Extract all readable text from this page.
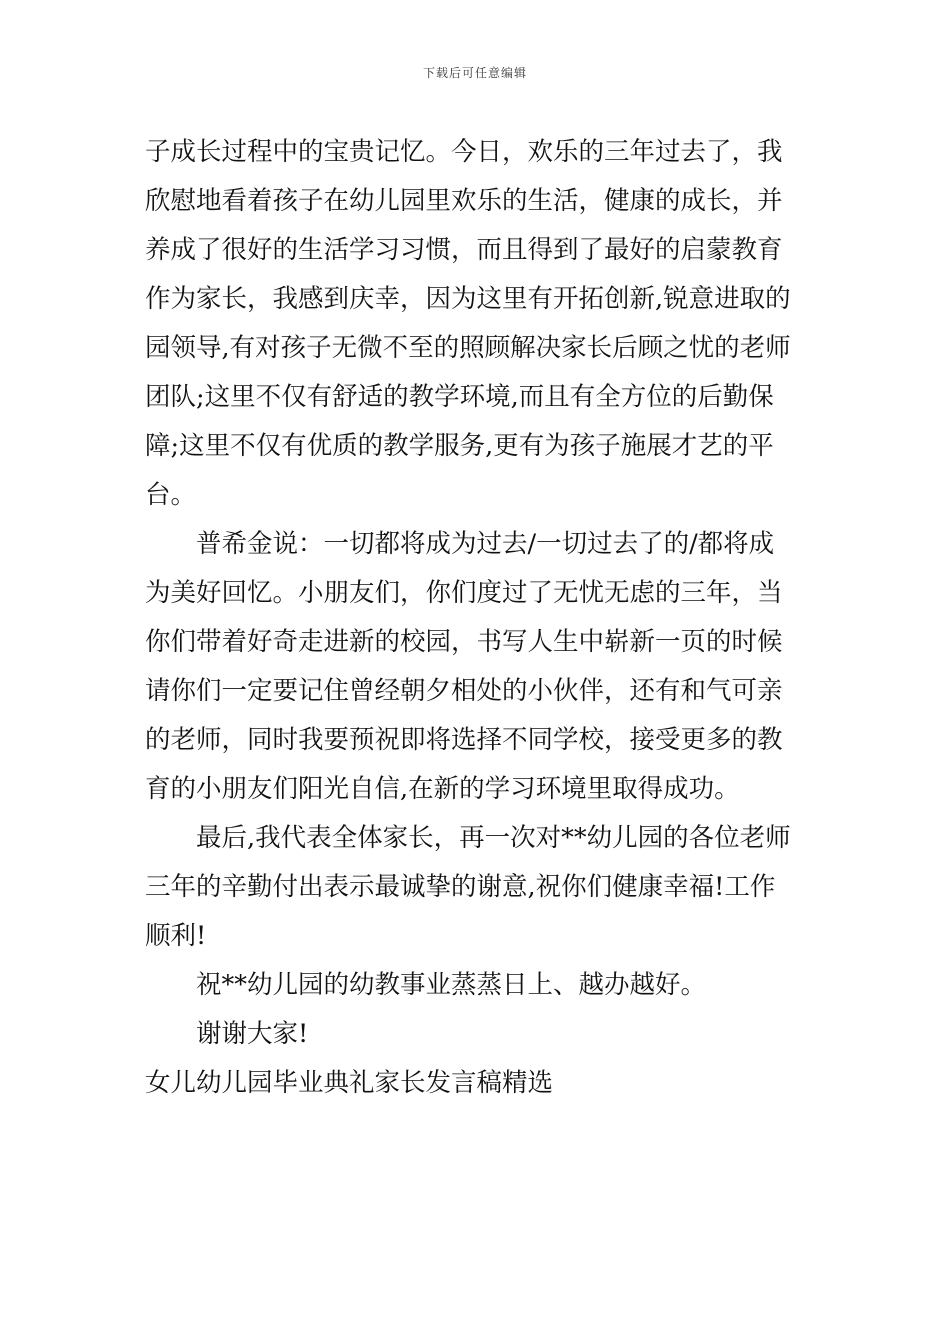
下载后可任意编辑
子成长过程中的宝贵记忆。今日，欢乐的三年过去了，我
欣慰地看着孩子在幼儿园里欢乐的生活，健康的成长，并
养成了很好的生活学习习惯，而且得到了最好的启蒙教育
作为家长，我感到庆幸，因为这里有开拓创新,锐意进取的
园领导,有对孩子无微不至的照顾解决家长后顾之忧的老师
团队;这里不仅有舒适的教学环境,而且有全方位的后勤保
障;这里不仅有优质的教学服务,更有为孩子施展才艺的平
台。
普希金说：一切都将成为过去/一切过去了的/都将成
为美好回忆。小朋友们，你们度过了无忧无虑的三年，当
你们带着好奇走进新的校园，书写人生中崭新一页的时候
请你们一定要记住曾经朝夕相处的小伙伴，还有和气可亲
的老师，同时我要预祝即将选择不同学校，接受更多的教
育的小朋友们阳光自信,在新的学习环境里取得成功。
最后,我代表全体家长，再一次对**幼儿园的各位老师
三年的辛勤付出表示最诚挚的谢意,祝你们健康幸福!工作
顺利!
祝**幼儿园的幼教事业蒸蒸日上、越办越好。
谢谢大家!
女儿幼儿园毕业典礼家长发言稿精选
